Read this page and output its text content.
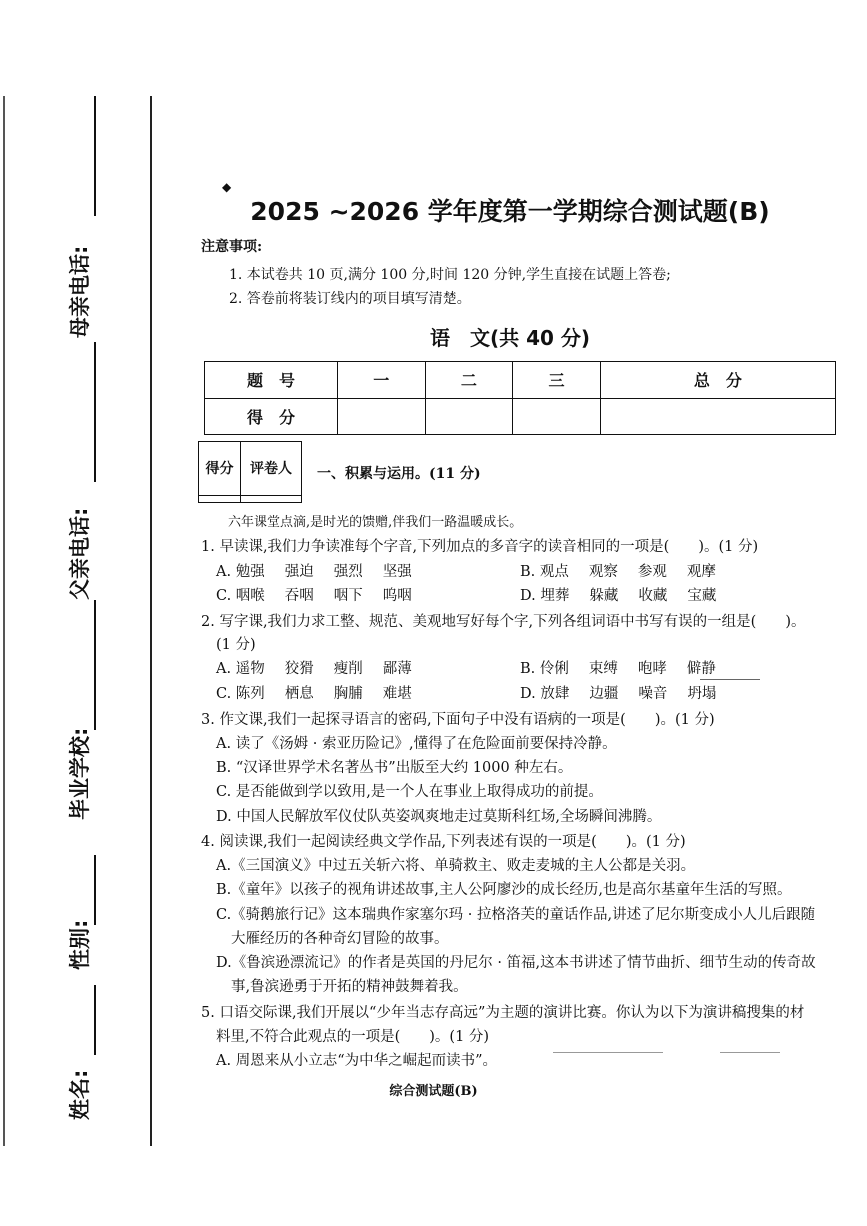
母亲电话:
父亲电话:
毕业学校:
性别:
姓名:
◆
2025 ~2026 学年度第一学期综合测试题(B)
注意事项:
1. 本试卷共 10 页,满分 100 分,时间 120 分钟,学生直接在试题上答卷;
2. 答卷前将装订线内的项目填写清楚。
语　文(共 40 分)
题　号	一	二	三	总　分
得　分				
得分	评卷人
	一、积累与运用。(11 分)
六年课堂点滴,是时光的馈赠,伴我们一路温暖成长。
1. 早读课,我们力争读准每个字音,下列加点的多音字的读音相同的一项是(　　)。(1 分)
A. 勉强 强迫 强烈 坚强	B. 观点 观察 参观 观摩
C. 咽喉 吞咽 咽下 呜咽	D. 埋葬 躲藏 收藏 宝藏
2. 写字课,我们力求工整、规范、美观地写好每个字,下列各组词语中书写有误的一组是(　　)。
(1 分)
A. 遥物 狡猾 瘦削 鄙薄	B. 伶俐 束缚 咆哮 僻静
C. 陈列 栖息 胸脯 难堪	D. 放肆 边疆 噪音 坍塌
3. 作文课,我们一起探寻语言的密码,下面句子中没有语病的一项是(　　)。(1 分)
A. 读了《汤姆 · 索亚历险记》,懂得了在危险面前要保持冷静。
B. “汉译世界学术名著丛书”出版至大约 1000 种左右。
C. 是否能做到学以致用,是一个人在事业上取得成功的前提。
D. 中国人民解放军仪仗队英姿飒爽地走过莫斯科红场,全场瞬间沸腾。
4. 阅读课,我们一起阅读经典文学作品,下列表述有误的一项是(　　)。(1 分)
A.《三国演义》中过五关斩六将、单骑救主、败走麦城的主人公都是关羽。
B.《童年》以孩子的视角讲述故事,主人公阿廖沙的成长经历,也是高尔基童年生活的写照。
C.《骑鹅旅行记》这本瑞典作家塞尔玛 · 拉格洛芙的童话作品,讲述了尼尔斯变成小人儿后跟随
大雁经历的各种奇幻冒险的故事。
D.《鲁滨逊漂流记》的作者是英国的丹尼尔 · 笛福,这本书讲述了情节曲折、细节生动的传奇故
事,鲁滨逊勇于开拓的精神鼓舞着我。
5. 口语交际课,我们开展以“少年当志存高远”为主题的演讲比赛。你认为以下为演讲稿搜集的材
料里,不符合此观点的一项是(　　)。(1 分)
A. 周恩来从小立志“为中华之崛起而读书”。
综合测试题(B)
